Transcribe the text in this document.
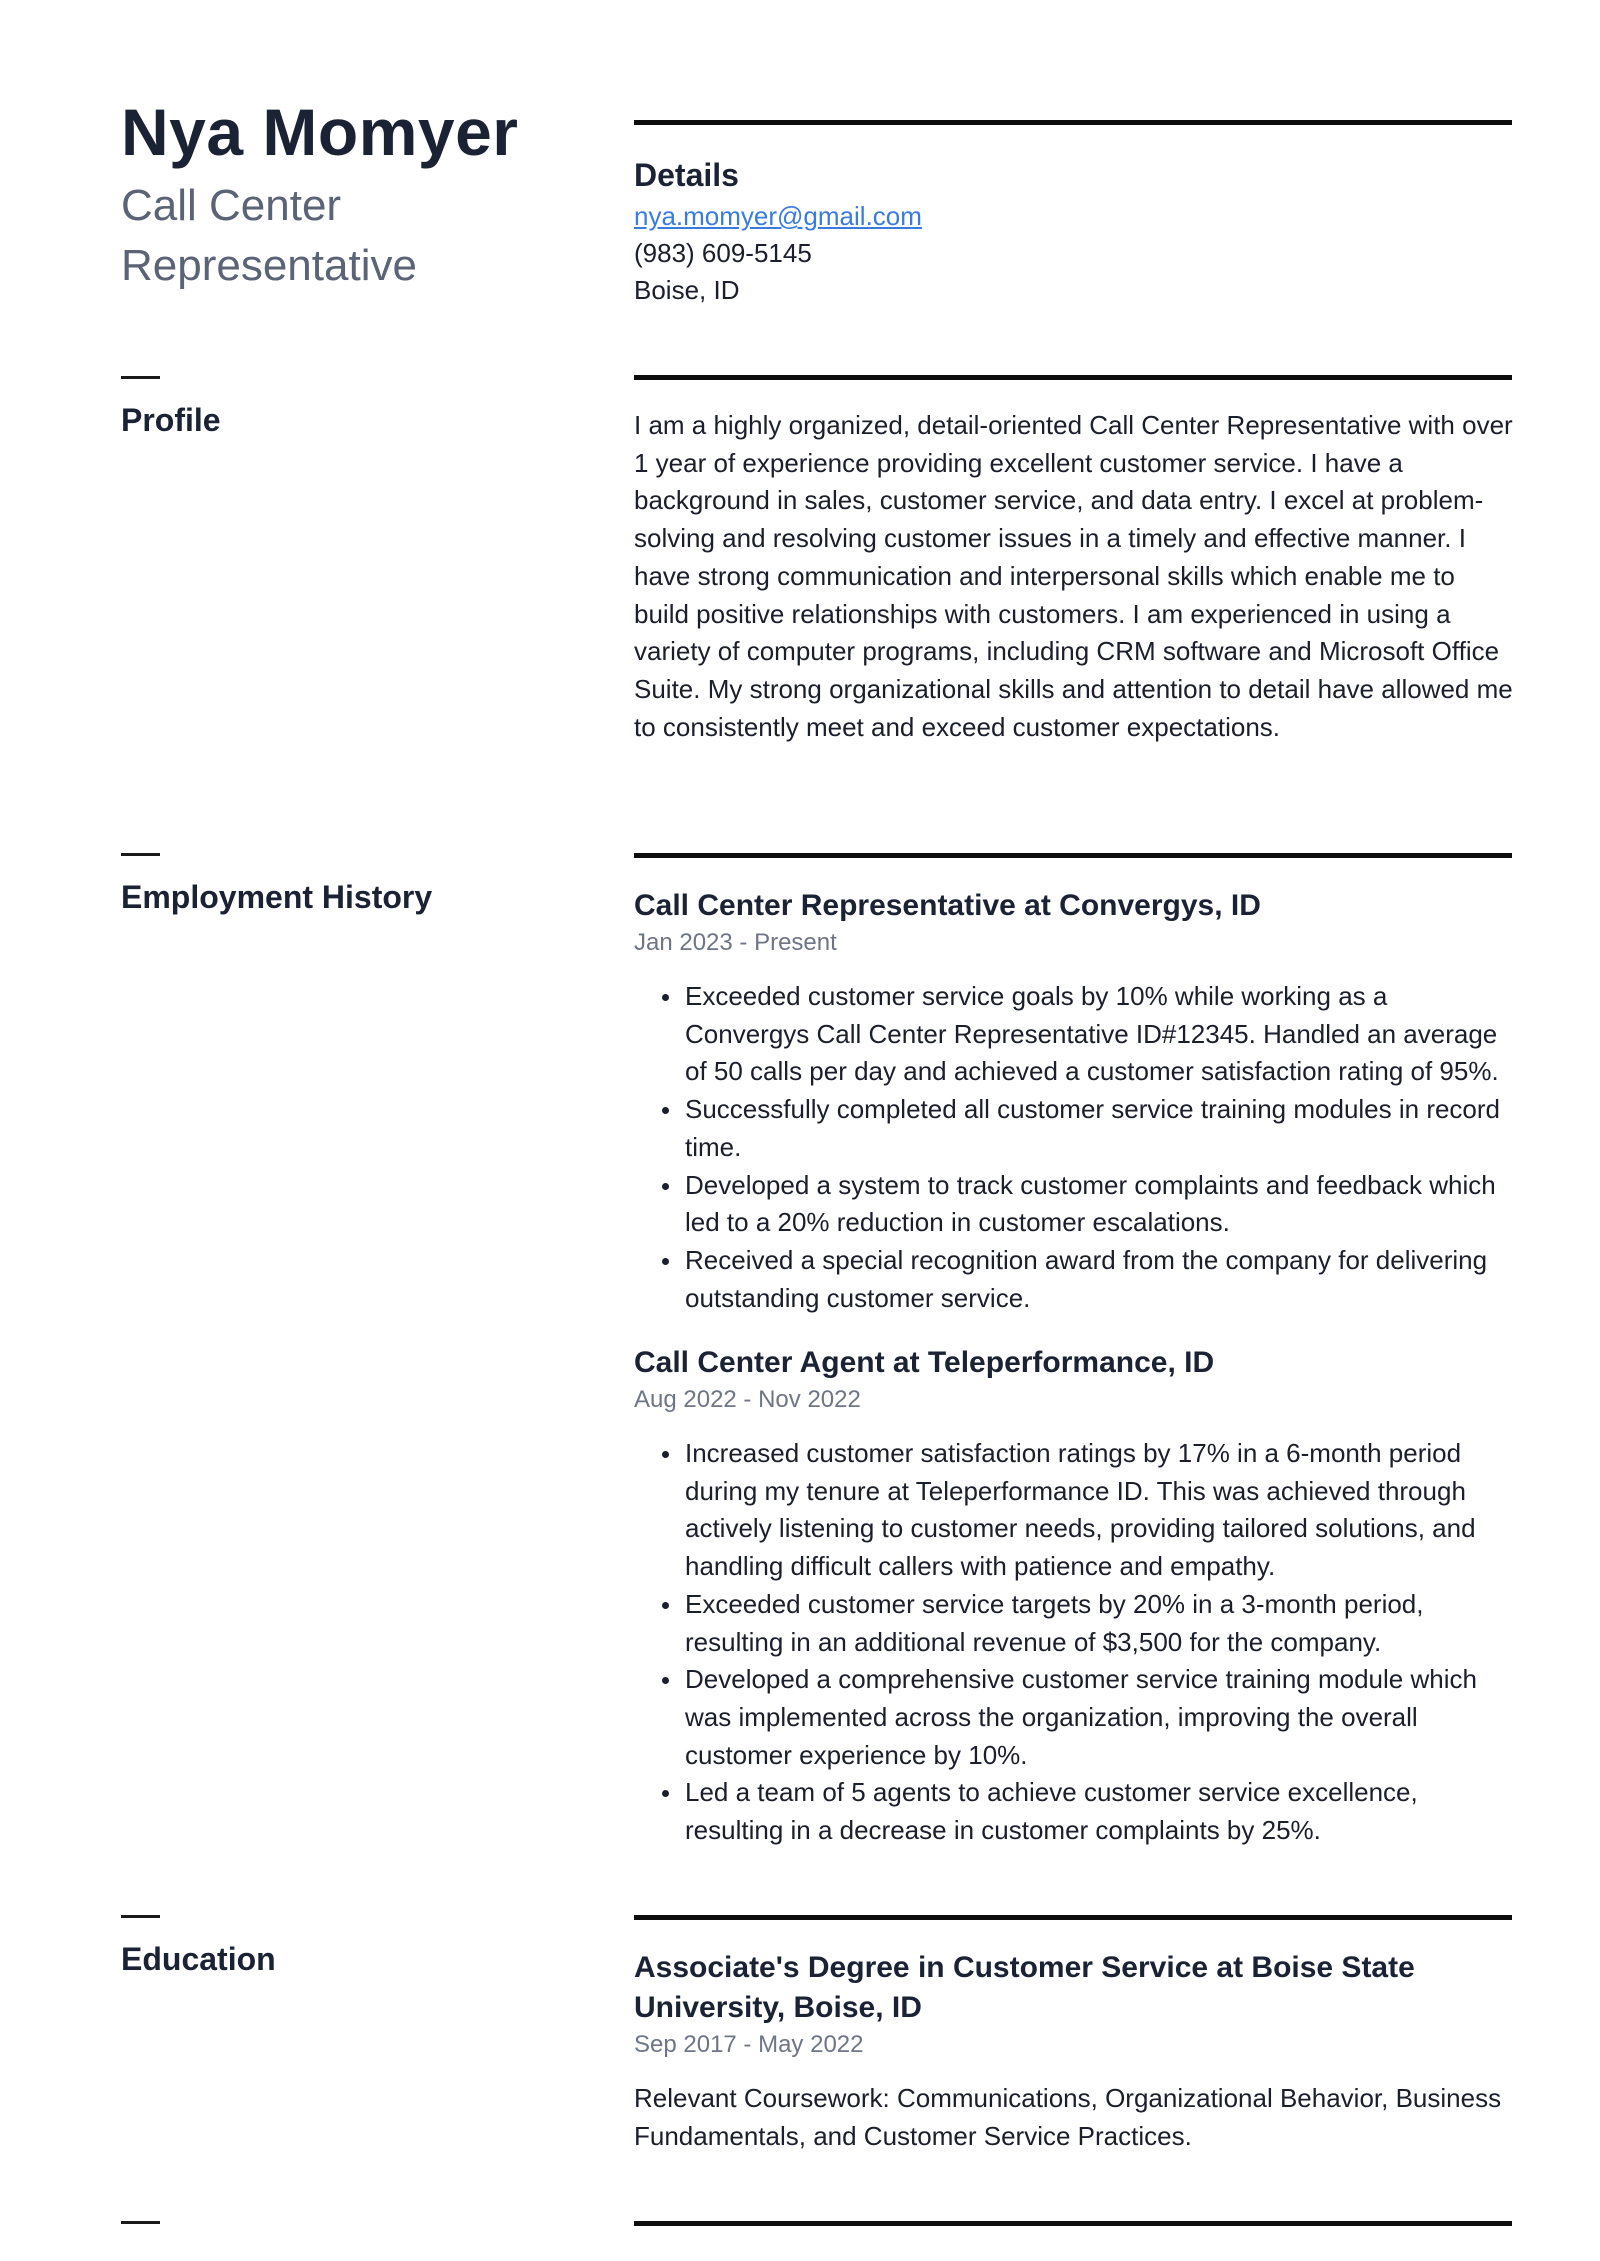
Nya Momyer
Call Center
Representative
Details

nya.momyer@gmail.com

(983) 609-5145

Boise, ID

Profile	I am a highly organized, detail-oriented Call Center Representative with over 1 year of experience providing excellent customer service. I have a background in sales, customer service, and data entry. I excel at problem-solving and resolving customer issues in a timely and effective manner. I have strong communication and interpersonal skills which enable me to build positive relationships with customers. I am experienced in using a variety of computer programs, including CRM software and Microsoft Office Suite. My strong organizational skills and attention to detail have allowed me to consistently meet and exceed customer expectations.

Employment History	Call Center Representative at Convergys, ID

Jan 2023 - Present

Exceeded customer service goals by 10% while working as a Convergys Call Center Representative ID#12345. Handled an average of 50 calls per day and achieved a customer satisfaction rating of 95%.
Successfully completed all customer service training modules in record time.
Developed a system to track customer complaints and feedback which led to a 20% reduction in customer escalations.
Received a special recognition award from the company for delivering outstanding customer service.
Call Center Agent at Teleperformance, ID

Aug 2022 - Nov 2022

Increased customer satisfaction ratings by 17% in a 6-month period during my tenure at Teleperformance ID. This was achieved through actively listening to customer needs, providing tailored solutions, and handling difficult callers with patience and empathy.
Exceeded customer service targets by 20% in a 3-month period, resulting in an additional revenue of $3,500 for the company.
Developed a comprehensive customer service training module which was implemented across the organization, improving the overall customer experience by 10%.
Led a team of 5 agents to achieve customer service excellence, resulting in a decrease in customer complaints by 25%.
Education	Associate's Degree in Customer Service at Boise State University, Boise, ID

Sep 2017 - May 2022

Relevant Coursework: Communications, Organizational Behavior, Business Fundamentals, and Customer Service Practices.
